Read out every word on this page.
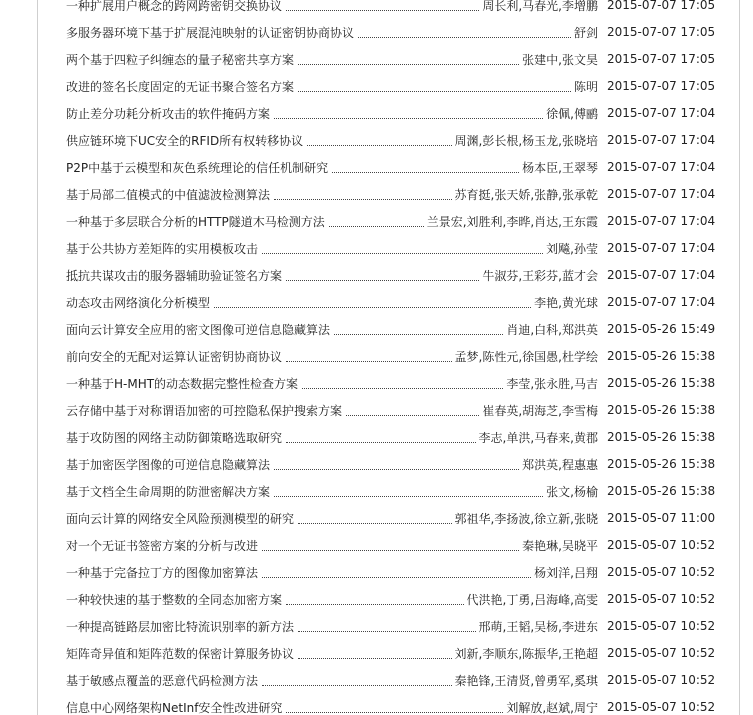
一种扩展用户概念的跨网跨密钥交换协议	周长利,马春光,李增鹏 2015-07-07 17:05
多服务器环境下基于扩展混沌映射的认证密钥协商协议	舒剑 2015-07-07 17:05
两个基于四粒子纠缠态的量子秘密共享方案	张建中,张文昊 2015-07-07 17:05
改进的签名长度固定的无证书聚合签名方案	陈明 2015-07-07 17:05
防止差分功耗分析攻击的软件掩码方案	徐佩,傅鹂 2015-07-07 17:04
供应链环境下UC安全的RFID所有权转移协议	周渊,彭长根,杨玉龙,张晓培 2015-07-07 17:04
P2P中基于云模型和灰色系统理论的信任机制研究	杨本臣,王翠琴 2015-07-07 17:04
基于局部二值模式的中值滤波检测算法	苏育挺,张天娇,张静,张承乾 2015-07-07 17:04
一种基于多层联合分析的HTTP隧道木马检测方法	兰景宏,刘胜利,李晔,肖达,王东霞 2015-07-07 17:04
基于公共协方差矩阵的实用模板攻击	刘飚,孙莹 2015-07-07 17:04
抵抗共谋攻击的服务器辅助验证签名方案	牛淑芬,王彩芬,蓝才会 2015-07-07 17:04
动态攻击网络演化分析模型	李艳,黄光球 2015-07-07 17:04
面向云计算安全应用的密文图像可逆信息隐藏算法	肖迪,白科,郑洪英 2015-05-26 15:49
前向安全的无配对运算认证密钥协商协议	孟梦,陈性元,徐国愚,杜学绘 2015-05-26 15:38
一种基于H-MHT的动态数据完整性检查方案	李莹,张永胜,马吉 2015-05-26 15:38
云存储中基于对称谓语加密的可控隐私保护搜索方案	崔春英,胡海芝,李雪梅 2015-05-26 15:38
基于攻防图的网络主动防御策略选取研究	李志,单洪,马春来,黄郡 2015-05-26 15:38
基于加密医学图像的可逆信息隐藏算法	郑洪英,程惠惠 2015-05-26 15:38
基于文档全生命周期的防泄密解决方案	张文,杨榆 2015-05-26 15:38
面向云计算的网络安全风险预测模型的研究	郭祖华,李扬波,徐立新,张晓 2015-05-07 11:00
对一个无证书签密方案的分析与改进	秦艳琳,吴晓平 2015-05-07 10:52
一种基于完备拉丁方的图像加密算法	杨刘洋,吕翔 2015-05-07 10:52
一种较快速的基于整数的全同态加密方案	代洪艳,丁勇,吕海峰,高雯 2015-05-07 10:52
一种提高链路层加密比特流识别率的新方法	邢萌,王韬,吴杨,李进东 2015-05-07 10:52
矩阵奇异值和矩阵范数的保密计算服务协议	刘新,李顺东,陈振华,王艳超 2015-05-07 10:52
基于敏感点覆盖的恶意代码检测方法	秦艳锋,王清贤,曾勇军,奚琪 2015-05-07 10:52
信息中心网络架构NetInf安全性改进研究	刘解放,赵斌,周宁 2015-05-07 10:52
